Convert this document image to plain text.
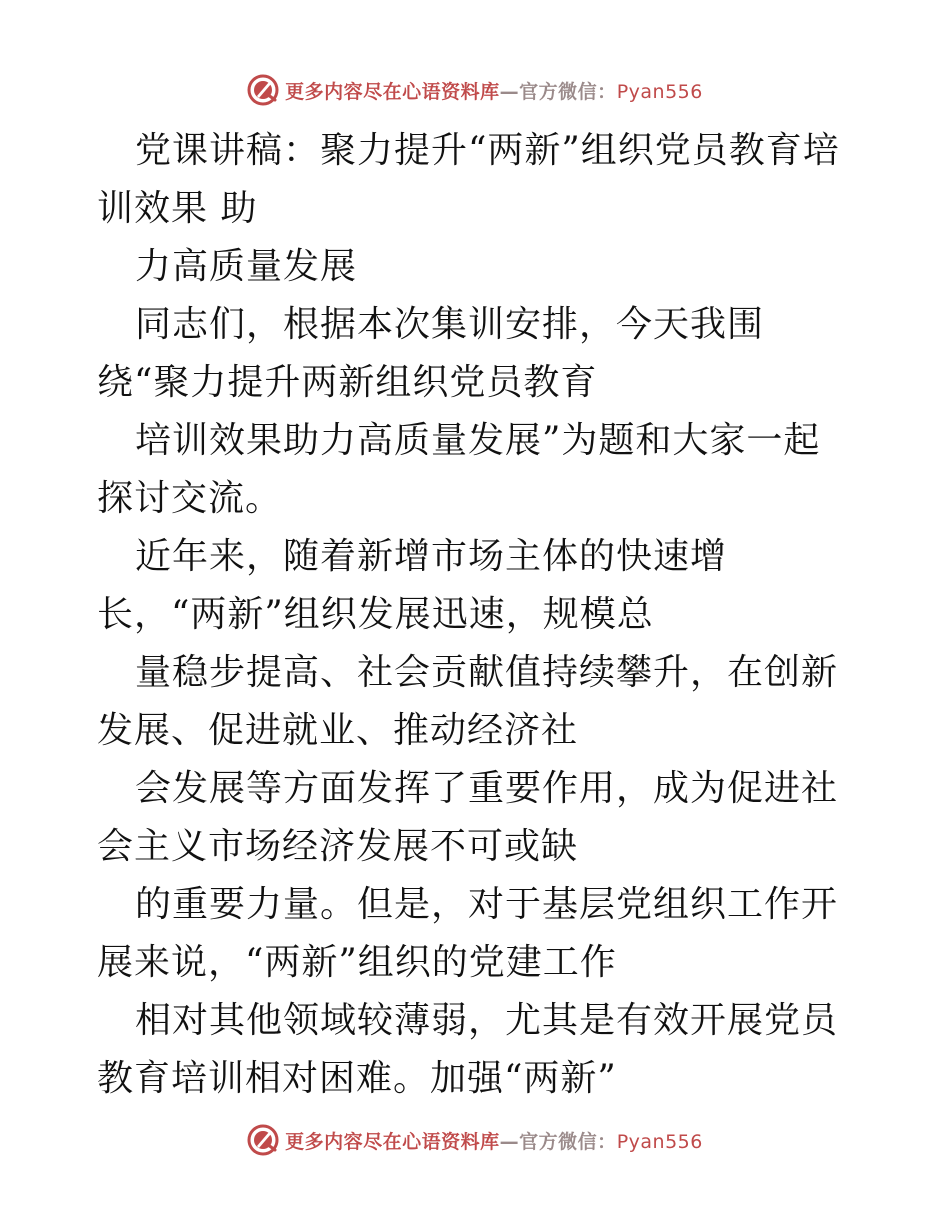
更多内容尽在心语资料库—官方微信：Pyan556

党课讲稿：聚力提升“两新”组织党员教育培训效果 助

力高质量发展

同志们，根据本次集训安排，今天我围绕“聚力提升两新组织党员教育

培训效果助力高质量发展”为题和大家一起探讨交流。

近年来，随着新增市场主体的快速增长，“两新”组织发展迅速，规模总

量稳步提高、社会贡献值持续攀升，在创新发展、促进就业、推动经济社

会发展等方面发挥了重要作用，成为促进社会主义市场经济发展不可或缺

的重要力量。但是，对于基层党组织工作开展来说，“两新”组织的党建工作

相对其他领域较薄弱，尤其是有效开展党员教育培训相对困难。加强“两新”

更多内容尽在心语资料库—官方微信：Pyan556
